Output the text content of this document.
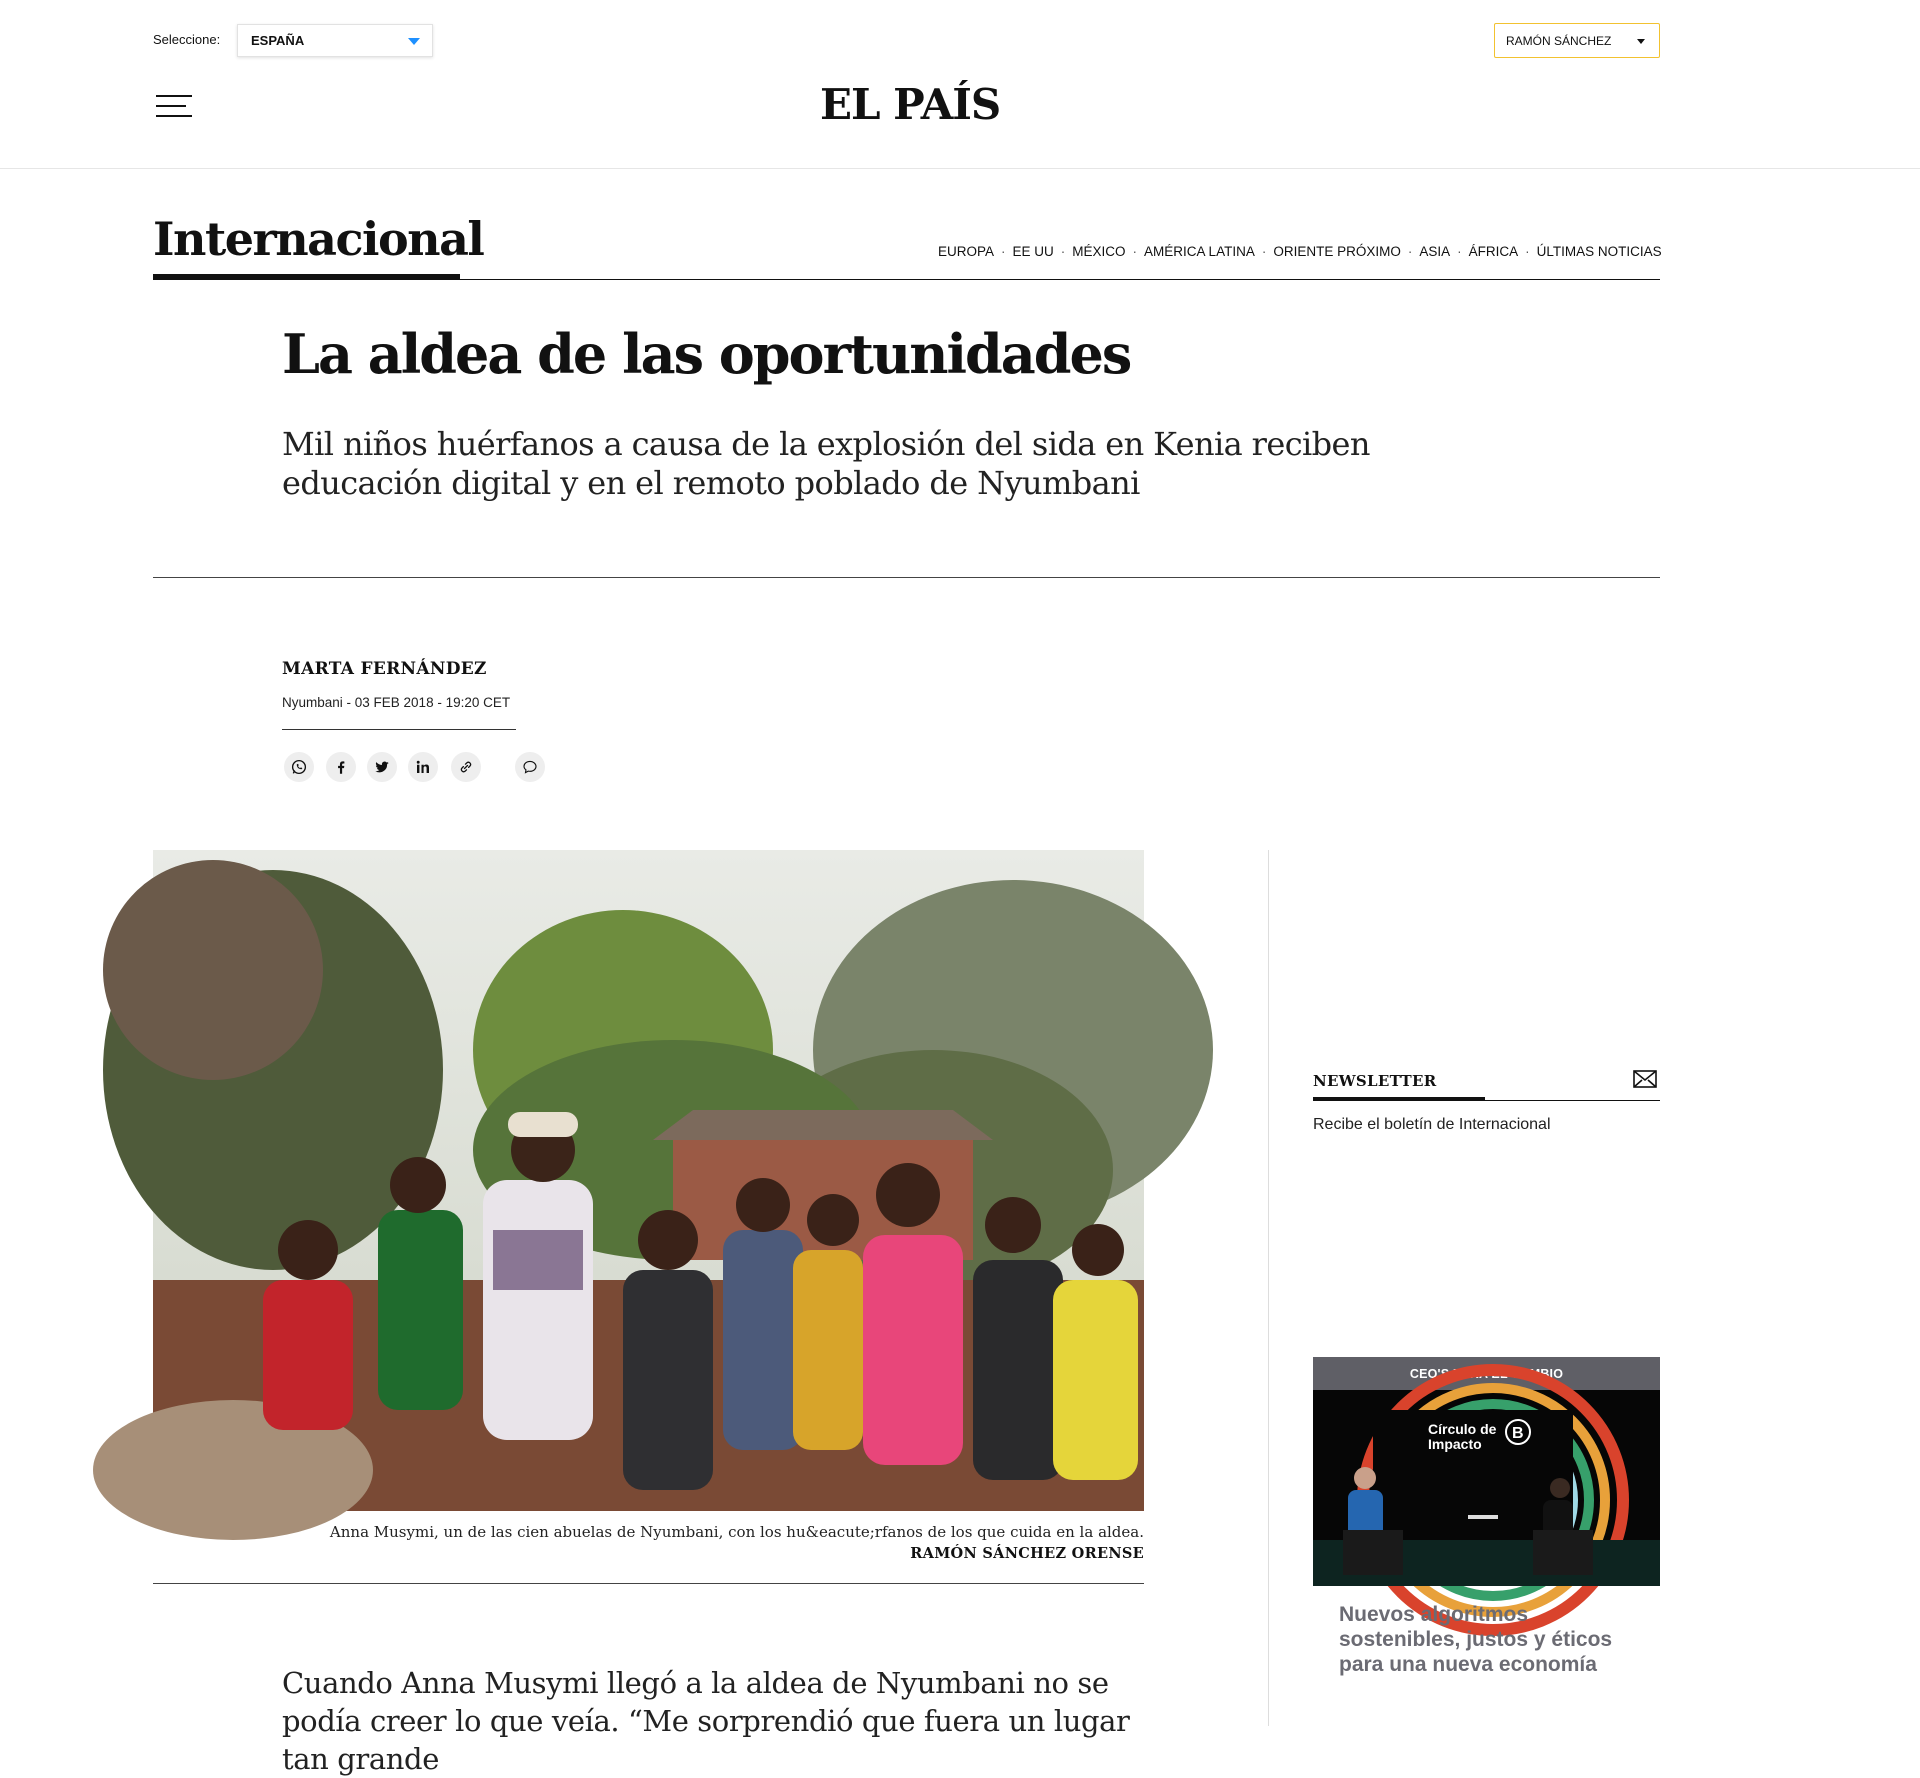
Seleccione: ESPAÑA	RAMÓN SÁNCHEZ
EL PAÍS
Internacional	EUROPA · EE UU · MÉXICO · AMÉRICA LATINA · ORIENTE PRÓXIMO · ASIA · ÁFRICA · ÚLTIMAS NOTICIAS
La aldea de las oportunidades
Mil niños huérfanos a causa de la explosión del sida en Kenia reciben educación digital y en el remoto poblado de Nyumbani
MARTA FERNÁNDEZ
Nyumbani - 03 FEB 2018 - 19:20 CET
Anna Musymi, un de las cien abuelas de Nyumbani, con los hu&eacute;rfanos de los que cuida en la aldea.
RAMÓN SÁNCHEZ ORENSE

Cuando Anna Musymi llegó a la aldea de Nyumbani no se podía creer lo que veía. “Me sorprendió que fuera un lugar tan grande

NEWSLETTER
Recibe el boletín de Internacional
CEO'S PARA EL CAMBIO
Círculo de Impacto
B
Nuevos algoritmos sostenibles, justos y éticos para una nueva economía
